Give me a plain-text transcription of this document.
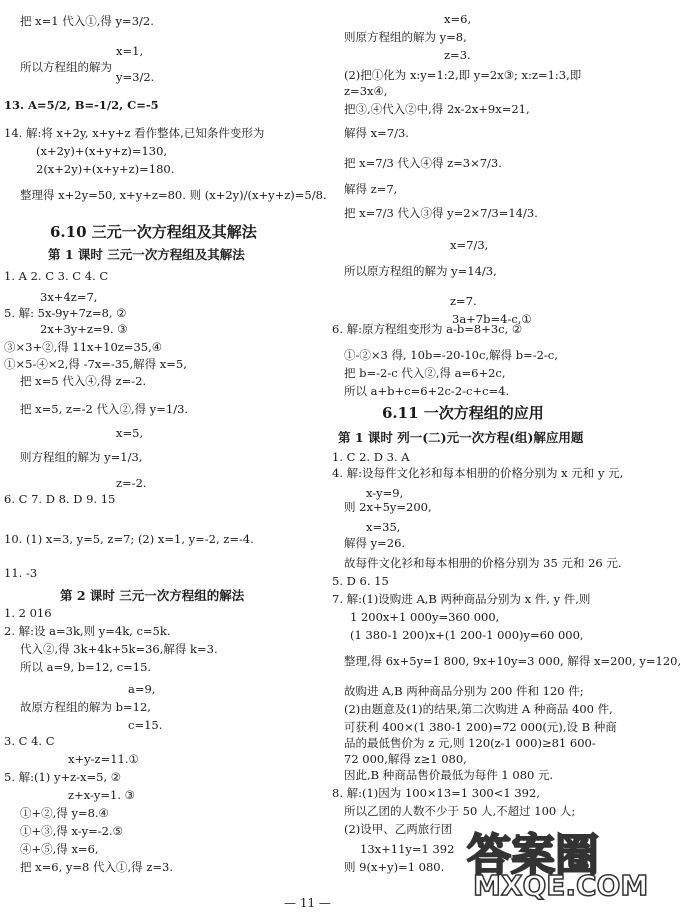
把 x=1 代入①,得 y=3/2.
x=1,
所以方程组的解为
y=3/2.
13. A=5/2, B=-1/2, C=-5
14. 解:将 x+2y, x+y+z 看作整体,已知条件变形为
(x+2y)+(x+y+z)=130,
2(x+2y)+(x+y+z)=180.
整理得 x+2y=50, x+y+z=80. 则 (x+2y)/(x+y+z)=5/8.
6.10 三元一次方程组及其解法
第 1 课时 三元一次方程组及其解法
1. A 2. C 3. C 4. C
3x+4z=7,
5. 解: 5x-9y+7z=8, ②
2x+3y+z=9. ③
③×3+②,得 11x+10z=35,④
①×5-④×2,得 -7x=-35,解得 x=5,
把 x=5 代入④,得 z=-2.
把 x=5, z=-2 代入②,得 y=1/3.
x=5,
则方程组的解为 y=1/3,
z=-2.
6. C 7. D 8. D 9. 15
10. (1) x=3, y=5, z=7; (2) x=1, y=-2, z=-4.
11. -3
第 2 课时 三元一次方程组的解法
1. 2 016
2. 解:设 a=3k,则 y=4k, c=5k.
代入②,得 3k+4k+5k=36,解得 k=3.
所以 a=9, b=12, c=15.
a=9,
故原方程组的解为 b=12,
c=15.
3. C 4. C
x+y-z=11.①
5. 解:(1) y+z-x=5, ②
z+x-y=1. ③
①+②,得 y=8.④
①+③,得 x-y=-2.⑤
④+⑤,得 x=6,
把 x=6, y=8 代入①,得 z=3.
x=6,
则原方程组的解为 y=8,
z=3.
(2)把①化为 x:y=1:2,即 y=2x③; x:z=1:3,即
z=3x④,
把③,④代入②中,得 2x-2x+9x=21,
解得 x=7/3.
把 x=7/3 代入④得 z=3×7/3.
解得 z=7,
把 x=7/3 代入③得 y=2×7/3=14/3.
x=7/3,
所以原方程组的解为 y=14/3,
z=7.
3a+7b=4-c,①
6. 解:原方程组变形为 a-b=8+3c, ②
①-②×3 得, 10b=-20-10c,解得 b=-2-c,
把 b=-2-c 代入②,得 a=6+2c,
所以 a+b+c=6+2c-2-c+c=4.
6.11 一次方程组的应用
第 1 课时 列一(二)元一次方程(组)解应用题
1. C 2. D 3. A
4. 解:设每件文化衫和每本相册的价格分别为 x 元和 y 元,
x-y=9,
则 2x+5y=200,
x=35,
解得 y=26.
故每件文化衫和每本相册的价格分别为 35 元和 26 元.
5. D 6. 15
7. 解:(1)设购进 A,B 两种商品分别为 x 件, y 件,则
1 200x+1 000y=360 000,
(1 380-1 200)x+(1 200-1 000)y=60 000,
整理,得 6x+5y=1 800, 9x+10y=3 000, 解得 x=200, y=120,
故购进 A,B 两种商品分别为 200 件和 120 件;
(2)由题意及(1)的结果,第二次购进 A 种商品 400 件,
可获利 400×(1 380-1 200)=72 000(元),设 B 种商
品的最低售价为 z 元,则 120(z-1 000)≥81 600-
72 000,解得 z≥1 080,
因此,B 种商品售价最低为每件 1 080 元.
8. 解:(1)因为 100×13=1 300<1 392,
所以乙团的人数不少于 50 人,不超过 100 人;
(2)设甲、乙两旅行团
13x+11y=1 392
则 9(x+y)=1 080.
— 11 —
答案圈
MXQE.COM
